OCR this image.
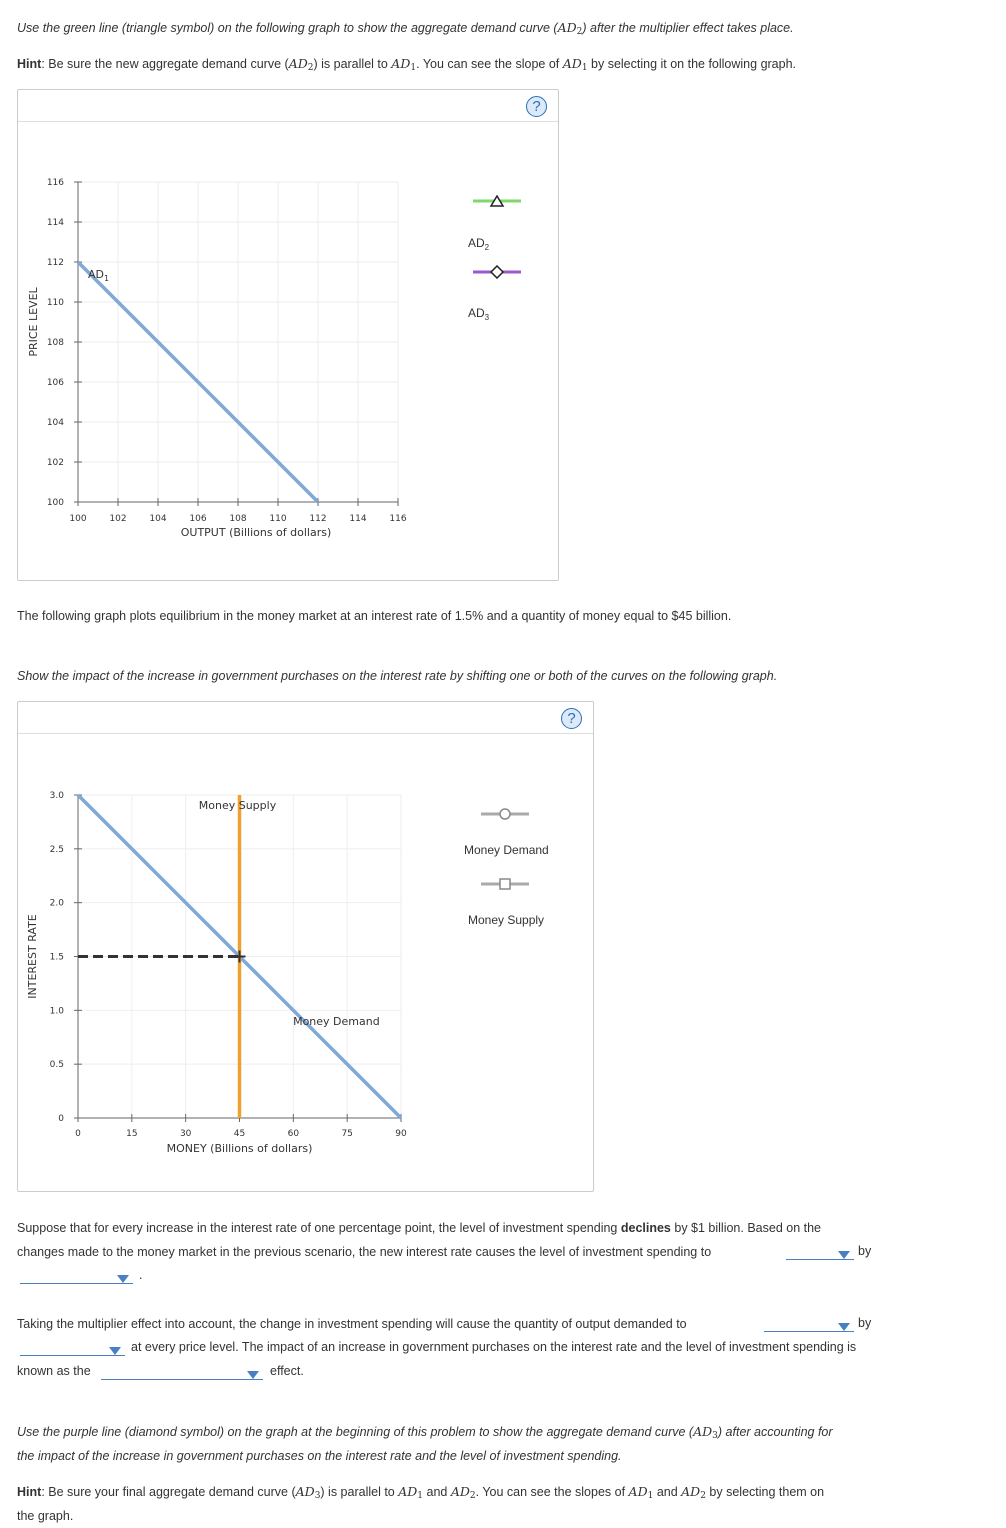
Use the green line (triangle symbol) on the following graph to show the aggregate demand curve $(AD_2)$ after the multiplier effect takes place.
Hint: Be sure the new aggregate demand curve $(AD_2)$ is parallel to $AD_1$. You can see the slope of $AD_1$ by selecting it on the following graph.
?
100	102	104	106	108	110	112	114	116
116
114
112
110
108
106
104
102
100
OUTPUT (Billions of dollars)
PRICE LEVEL
$AD_1$
$AD_2$
$AD_3$
The following graph plots equilibrium in the money market at an interest rate of 1.5% and a quantity of money equal to $45 billion.
Show the impact of the increase in government purchases on the interest rate by shifting one or both of the curves on the following graph.
?
0	15	30	45	60	75	90
3.0
2.5
2.0
1.5
1.0
0.5
0
MONEY (Billions of dollars)
INTEREST RATE
Money Supply
Money Demand
Money Demand
Money Supply
Suppose that for every increase in the interest rate of one percentage point, the level of investment spending declines by $1 billion. Based on the
changes made to the money market in the previous scenario, the new interest rate causes the level of investment spending to	by
.
Taking the multiplier effect into account, the change in investment spending will cause the quantity of output demanded to	by
at every price level. The impact of an increase in government purchases on the interest rate and the level of investment spending is
known as the	effect.
Use the purple line (diamond symbol) on the graph at the beginning of this problem to show the aggregate demand curve $(AD_3)$ after accounting for
the impact of the increase in government purchases on the interest rate and the level of investment spending.
Hint: Be sure your final aggregate demand curve $(AD_3)$ is parallel to $AD_1$ and $AD_2$. You can see the slopes of $AD_1$ and $AD_2$ by selecting them on
the graph.
